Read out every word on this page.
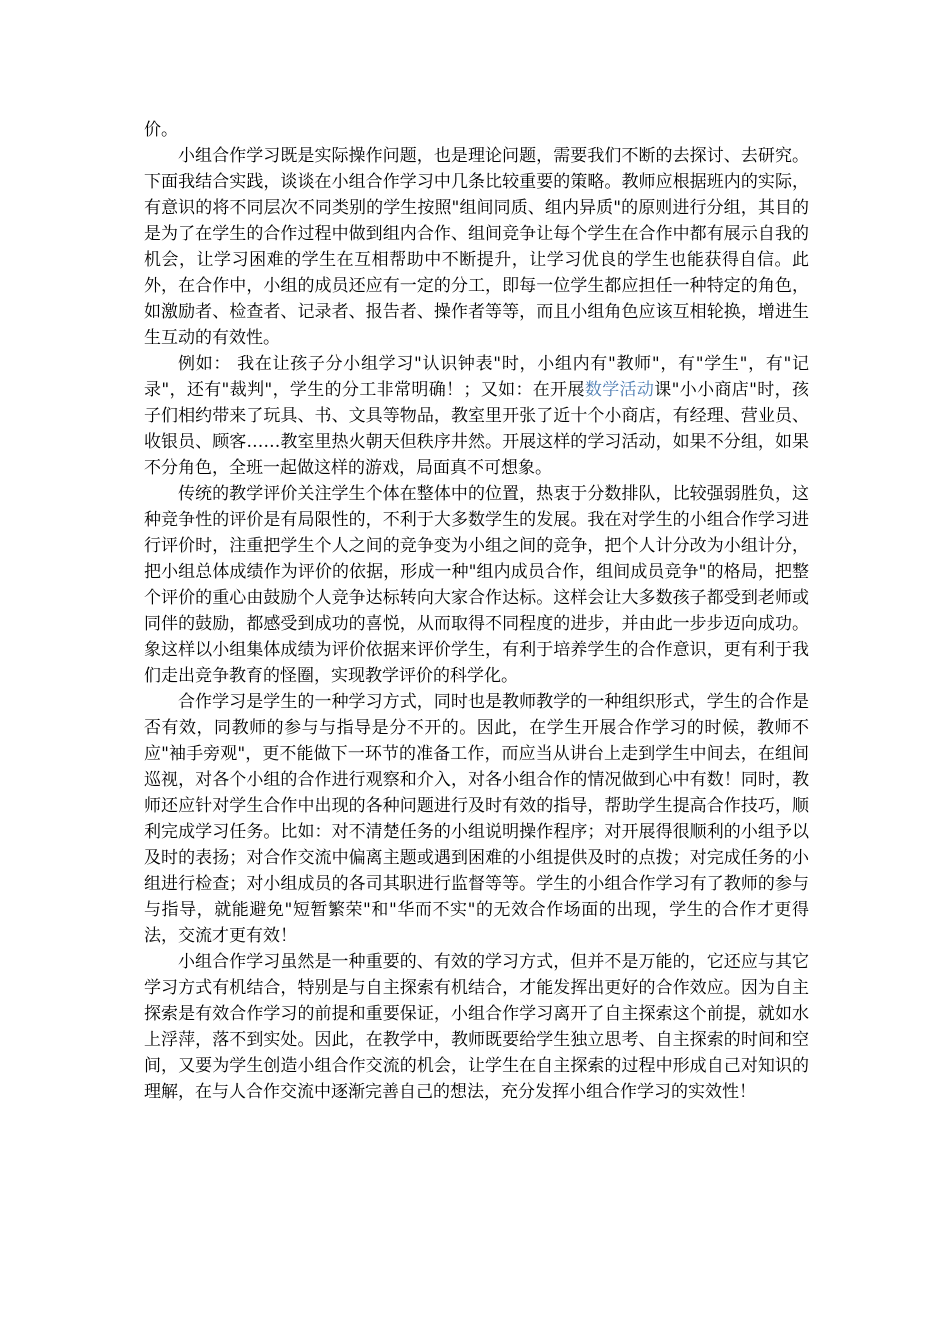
价。

小组合作学习既是实际操作问题，也是理论问题，需要我们不断的去探讨、去研究。下面我结合实践，谈谈在小组合作学习中几条比较重要的策略。教师应根据班内的实际，有意识的将不同层次不同类别的学生按照"组间同质、组内异质"的原则进行分组，其目的是为了在学生的合作过程中做到组内合作、组间竞争让每个学生在合作中都有展示自我的机会，让学习困难的学生在互相帮助中不断提升，让学习优良的学生也能获得自信。此外，在合作中，小组的成员还应有一定的分工，即每一位学生都应担任一种特定的角色，如激励者、检查者、记录者、报告者、操作者等等，而且小组角色应该互相轮换，增进生生互动的有效性。

例如： 我在让孩子分小组学习"认识钟表"时，小组内有"教师"，有"学生"，有"记录"，还有"裁判"，学生的分工非常明确！；又如：在开展数学活动课"小小商店"时，孩子们相约带来了玩具、书、文具等物品，教室里开张了近十个小商店，有经理、营业员、收银员、顾客……教室里热火朝天但秩序井然。开展这样的学习活动，如果不分组，如果不分角色，全班一起做这样的游戏，局面真不可想象。

传统的教学评价关注学生个体在整体中的位置，热衷于分数排队，比较强弱胜负，这种竞争性的评价是有局限性的，不利于大多数学生的发展。我在对学生的小组合作学习进行评价时，注重把学生个人之间的竞争变为小组之间的竞争，把个人计分改为小组计分，把小组总体成绩作为评价的依据，形成一种"组内成员合作，组间成员竞争"的格局，把整个评价的重心由鼓励个人竞争达标转向大家合作达标。这样会让大多数孩子都受到老师或同伴的鼓励，都感受到成功的喜悦，从而取得不同程度的进步，并由此一步步迈向成功。象这样以小组集体成绩为评价依据来评价学生，有利于培养学生的合作意识，更有利于我们走出竞争教育的怪圈，实现教学评价的科学化。

合作学习是学生的一种学习方式，同时也是教师教学的一种组织形式，学生的合作是否有效，同教师的参与与指导是分不开的。因此，在学生开展合作学习的时候，教师不应"袖手旁观"，更不能做下一环节的准备工作，而应当从讲台上走到学生中间去，在组间巡视，对各个小组的合作进行观察和介入，对各小组合作的情况做到心中有数！同时，教师还应针对学生合作中出现的各种问题进行及时有效的指导，帮助学生提高合作技巧，顺利完成学习任务。比如：对不清楚任务的小组说明操作程序；对开展得很顺利的小组予以及时的表扬；对合作交流中偏离主题或遇到困难的小组提供及时的点拨；对完成任务的小组进行检查；对小组成员的各司其职进行监督等等。学生的小组合作学习有了教师的参与与指导，就能避免"短暂繁荣"和"华而不实"的无效合作场面的出现，学生的合作才更得法，交流才更有效！

小组合作学习虽然是一种重要的、有效的学习方式，但并不是万能的，它还应与其它学习方式有机结合，特别是与自主探索有机结合，才能发挥出更好的合作效应。因为自主探索是有效合作学习的前提和重要保证，小组合作学习离开了自主探索这个前提，就如水上浮萍，落不到实处。因此，在教学中，教师既要给学生独立思考、自主探索的时间和空间，又要为学生创造小组合作交流的机会，让学生在自主探索的过程中形成自己对知识的理解，在与人合作交流中逐渐完善自己的想法，充分发挥小组合作学习的实效性！
